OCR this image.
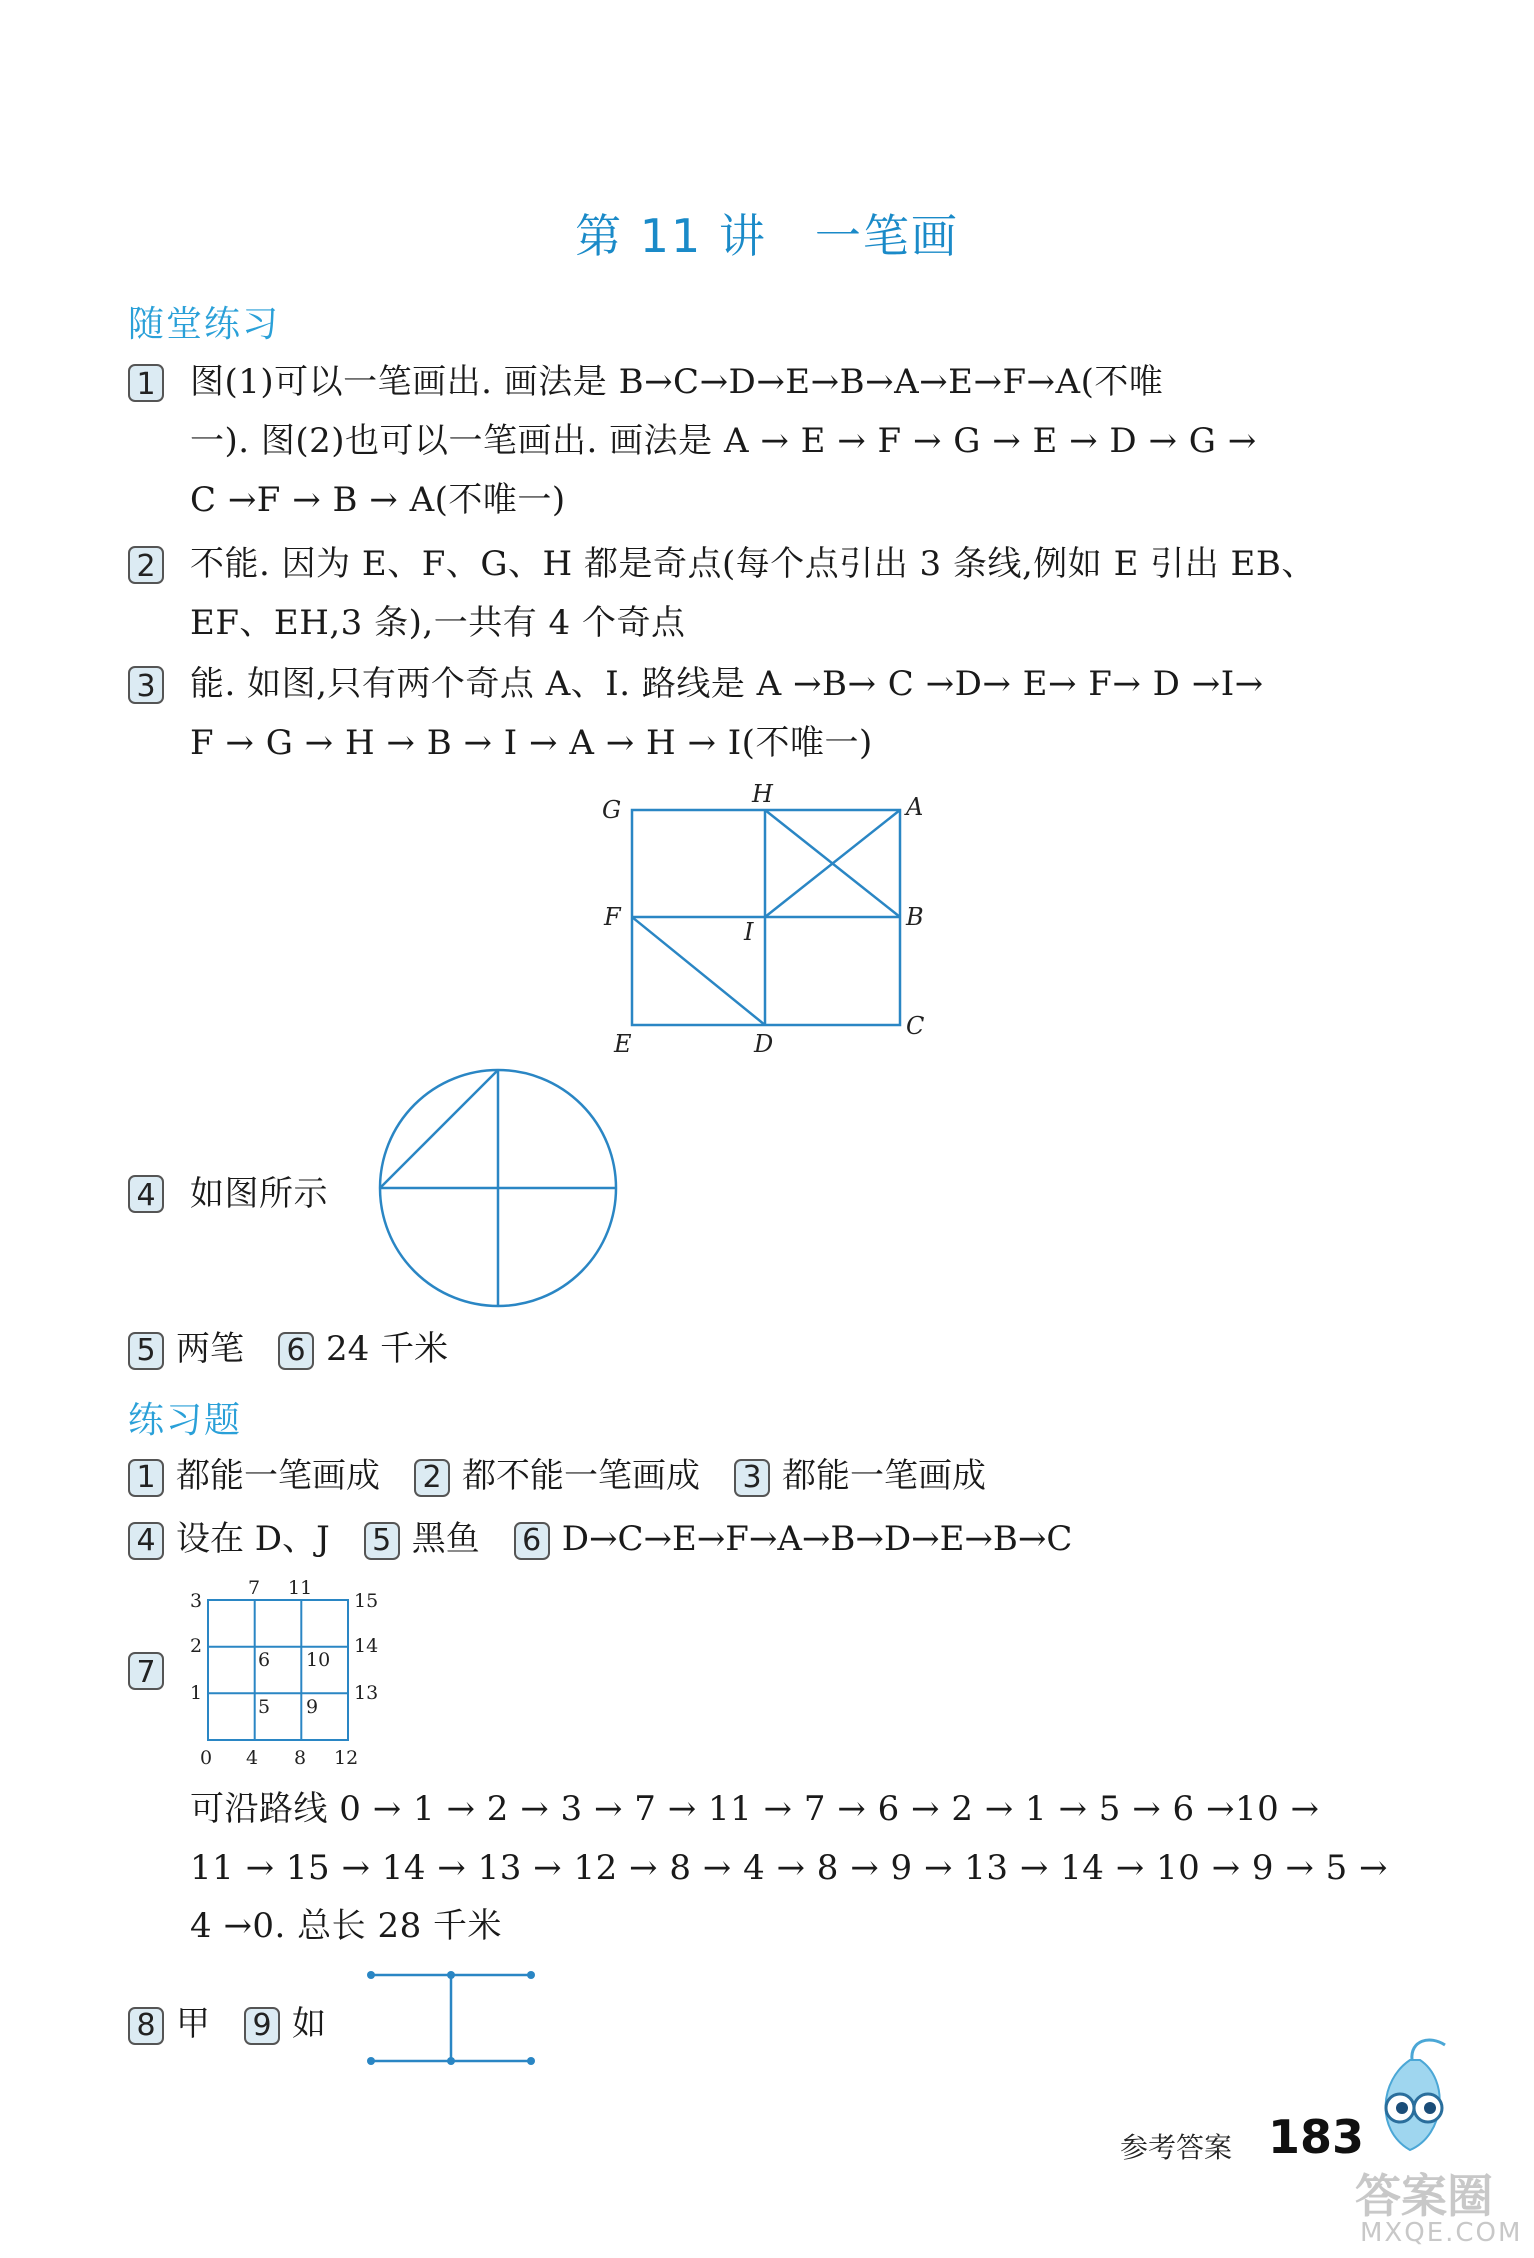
第 11 讲　一笔画
随堂练习
1 图(1)可以一笔画出. 画法是 B→C→D→E→B→A→E→F→A(不唯
一). 图(2)也可以一笔画出. 画法是 A → E → F → G → E → D → G →
C →F → B → A(不唯一)
2 不能. 因为 E、F、G、H 都是奇点(每个点引出 3 条线,例如 E 引出 EB、
EF、EH,3 条),一共有 4 个奇点
3 能. 如图,只有两个奇点 A、I. 路线是 A →B→ C →D→ E→ F→ D →I→
F → G → H → B → I → A → H → I(不唯一)
G
H	A
F
I
B
E	D
C
4 如图所示
5 两笔 6 24 千米
练习题
1 都能一笔画成 2 都不能一笔画成 3 都能一笔画成
4 设在 D、J 5 黑鱼 6 D→C→E→F→A→B→D→E→B→C
7
3
7 11
15
2	14
1	13
6 10
5 9
0 4 8 12
可沿路线 0 → 1 → 2 → 3 → 7 → 11 → 7 → 6 → 2 → 1 → 5 → 6 →10 →
11 → 15 → 14 → 13 → 12 → 8 → 4 → 8 → 9 → 13 → 14 → 10 → 9 → 5 →
4 →0. 总长 28 千米
8 甲 9 如
参考答案 183
答案圈
MXQE.COM
